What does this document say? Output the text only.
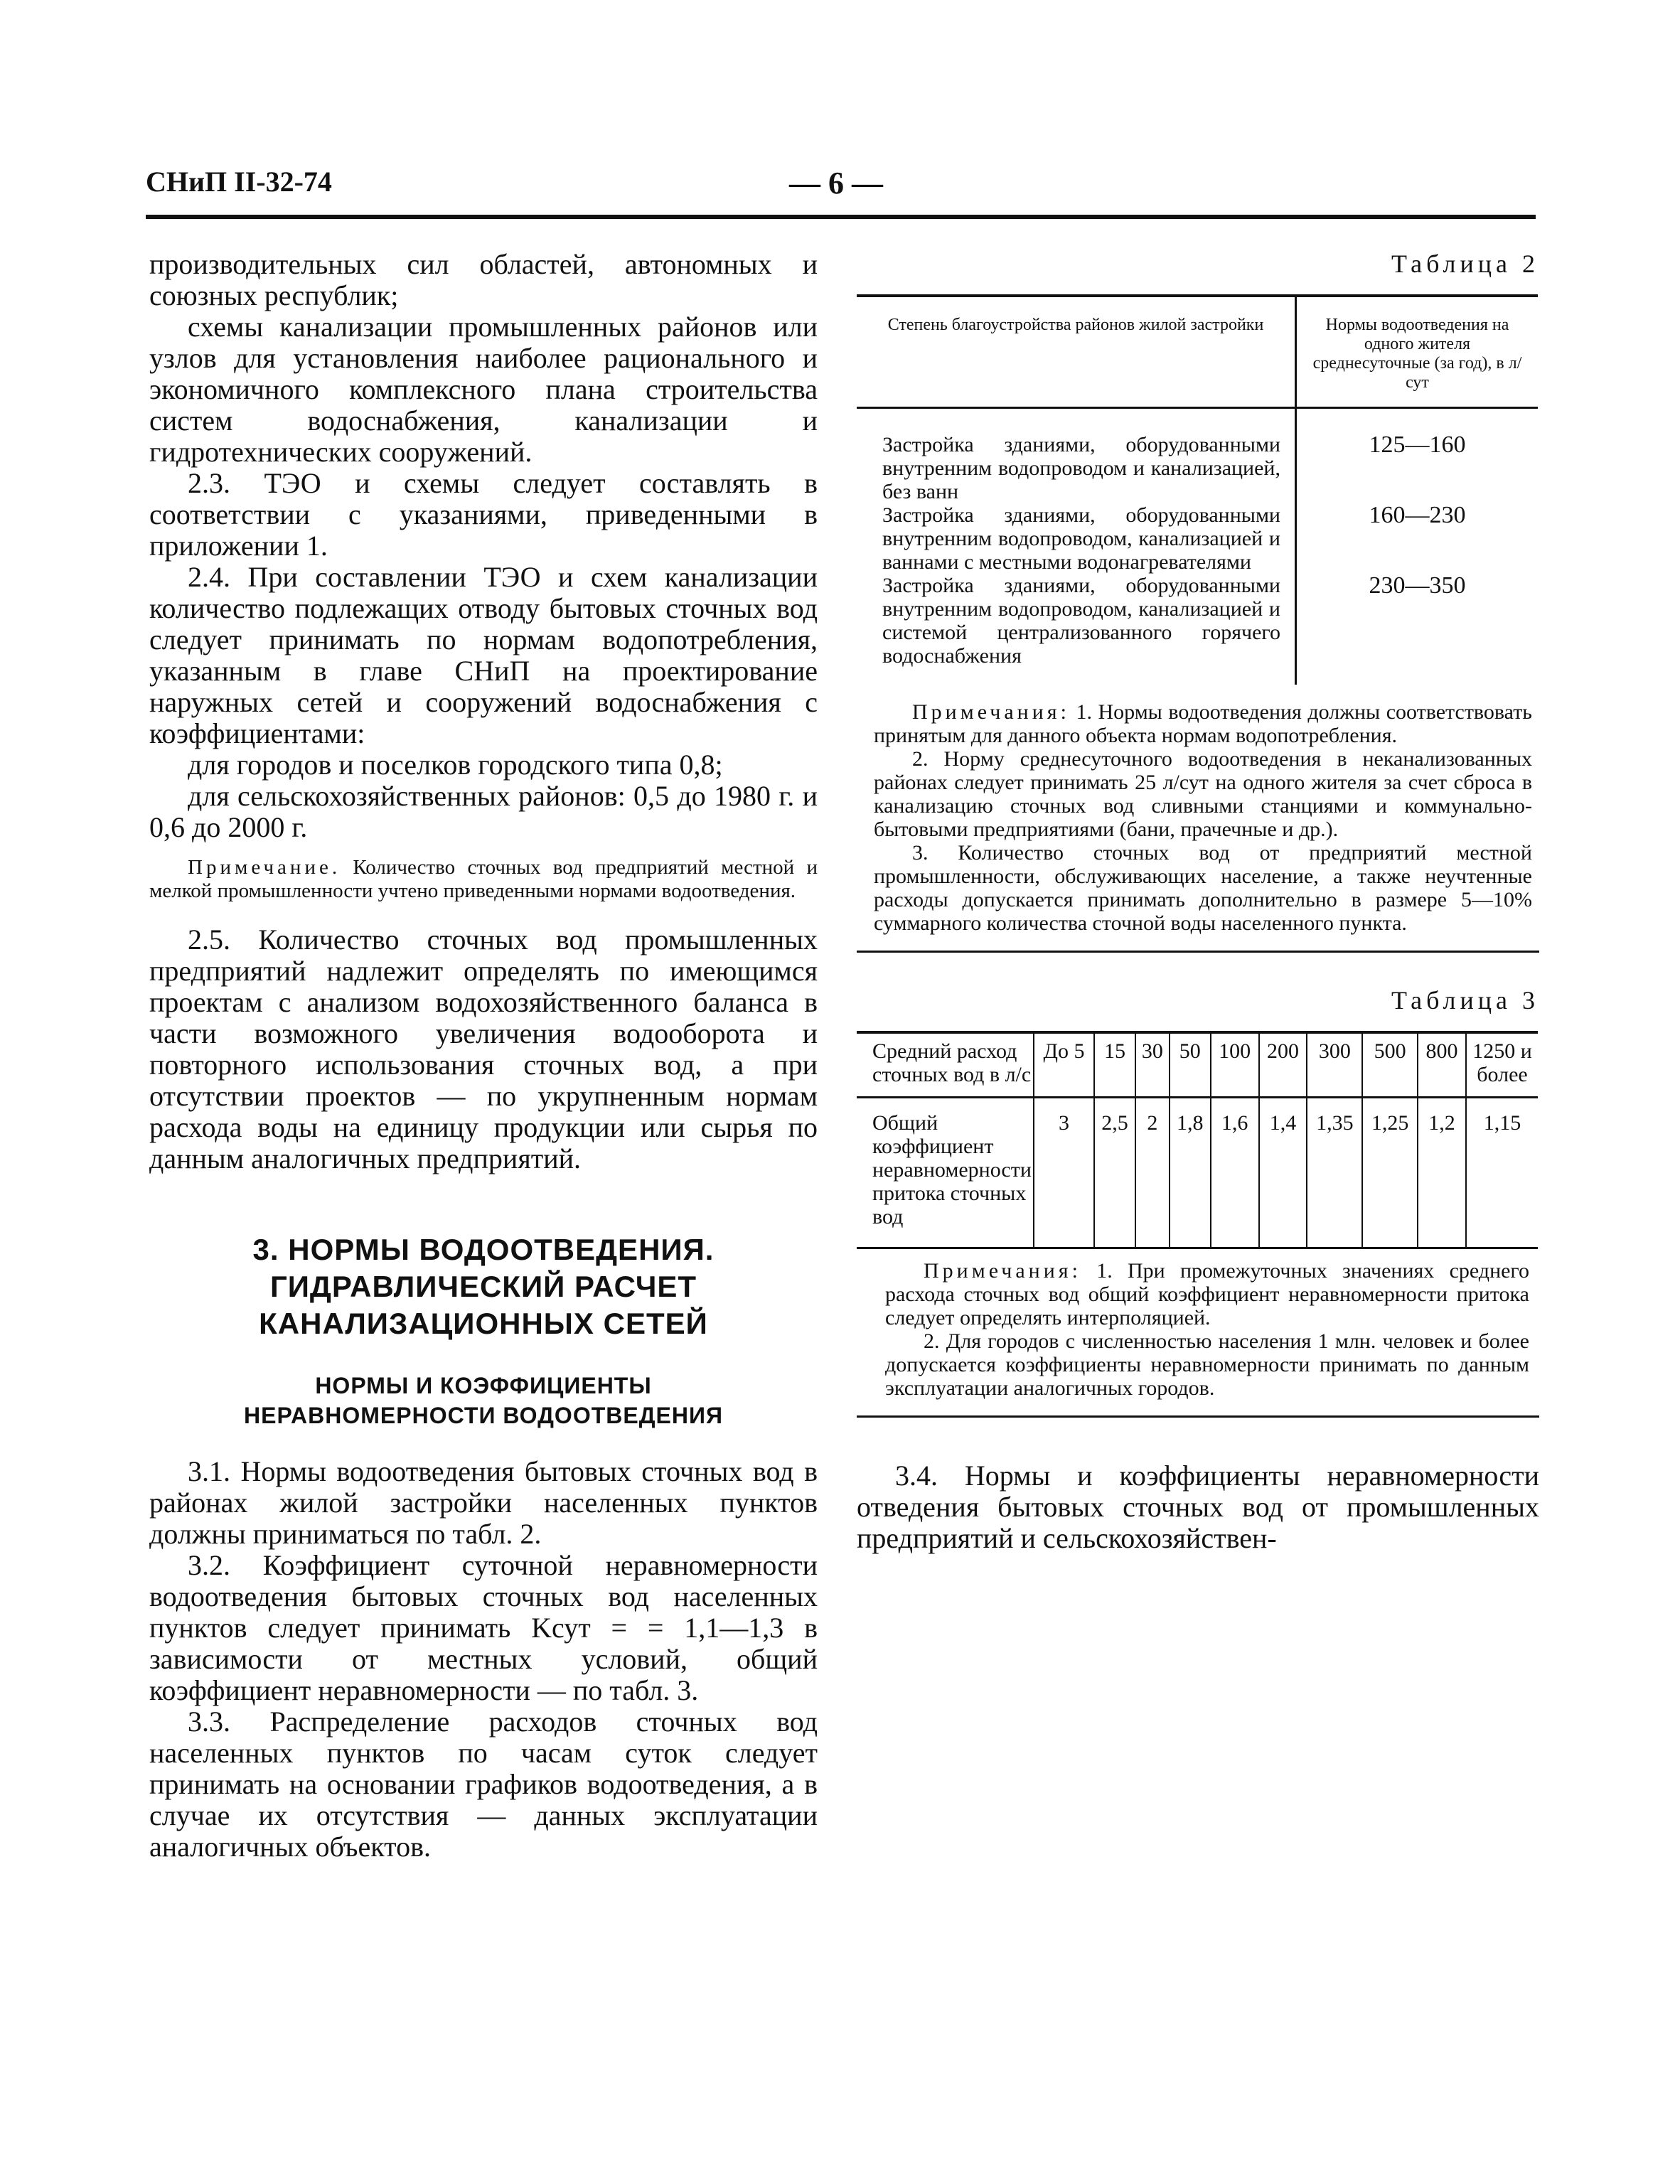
СНиП II-32-74	— 6 —

производительных сил областей, автономных и союзных республик;

схемы канализации промышленных районов или узлов для установления наиболее рационального и экономичного комплексного плана строительства систем водоснабжения, канализации и гидротехнических сооружений.

2.3. ТЭО и схемы следует составлять в соответствии с указаниями, приведенными в приложении 1.

2.4. При составлении ТЭО и схем канализации количество подлежащих отводу бытовых сточных вод следует принимать по нормам водопотребления, указанным в главе СНиП на проектирование наружных сетей и сооружений водоснабжения с коэффициентами:

для городов и поселков городского типа 0,8;

для сельскохозяйственных районов: 0,5 до 1980 г. и 0,6 до 2000 г.

Примечание. Количество сточных вод предприятий местной и мелкой промышленности учтено приведенными нормами водоотведения.

2.5. Количество сточных вод промышленных предприятий надлежит определять по имеющимся проектам с анализом водохозяйственного баланса в части возможного увеличения водооборота и повторного использования сточных вод, а при отсутствии проектов — по укрупненным нормам расхода воды на единицу продукции или сырья по данным аналогичных предприятий.

3. НОРМЫ ВОДООТВЕДЕНИЯ.
ГИДРАВЛИЧЕСКИЙ РАСЧЕТ
КАНАЛИЗАЦИОННЫХ СЕТЕЙ
НОРМЫ И КОЭФФИЦИЕНТЫ
НЕРАВНОМЕРНОСТИ ВОДООТВЕДЕНИЯ

3.1. Нормы водоотведения бытовых сточных вод в районах жилой застройки населенных пунктов должны приниматься по табл. 2.

3.2. Коэффициент суточной неравномерности водоотведения бытовых сточных вод населенных пунктов следует принимать Kсут = = 1,1—1,3 в зависимости от местных условий, общий коэффициент неравномерности — по табл. 3.

3.3. Распределение расходов сточных вод населенных пунктов по часам суток следует принимать на основании графиков водоотведения, а в случае их отсутствия — данных эксплуатации аналогичных объектов.

Таблица 2
Степень благоустройства районов жилой застройки	Нормы водоотведения на одного жителя среднесуточные (за год), в л/сут
Застройка зданиями, оборудованными внутренним водопроводом и канализацией, без ванн	125—160
Застройка зданиями, оборудованными внутренним водопроводом, канализацией и ваннами с местными водонагревателями	160—230
Застройка зданиями, оборудованными внутренним водопроводом, канализацией и системой централизованного горячего водоснабжения	230—350

Примечания: 1. Нормы водоотведения должны соответствовать принятым для данного объекта нормам водопотребления.

2. Норму среднесуточного водоотведения в неканализованных районах следует принимать 25 л/сут на одного жителя за счет сброса в канализацию сточных вод сливными станциями и коммунально-бытовыми предприятиями (бани, прачечные и др.).

3. Количество сточных вод от предприятий местной промышленности, обслуживающих население, а также неучтенные расходы допускается принимать дополнительно в размере 5—10% суммарного количества сточной воды населенного пункта.

Таблица 3
Средний расход сточных вод в л/с	До 5	15	30	50	100	200	300	500	800	1250 и более
Общий коэффициент неравномерности притока сточных вод	3	2,5	2	1,8	1,6	1,4	1,35	1,25	1,2	1,15

Примечания: 1. При промежуточных значениях среднего расхода сточных вод общий коэффициент неравномерности притока следует определять интерполяцией.

2. Для городов с численностью населения 1 млн. человек и более допускается коэффициенты неравномерности принимать по данным эксплуатации аналогичных городов.

3.4. Нормы и коэффициенты неравномерности отведения бытовых сточных вод от промышленных предприятий и сельскохозяйствен-
